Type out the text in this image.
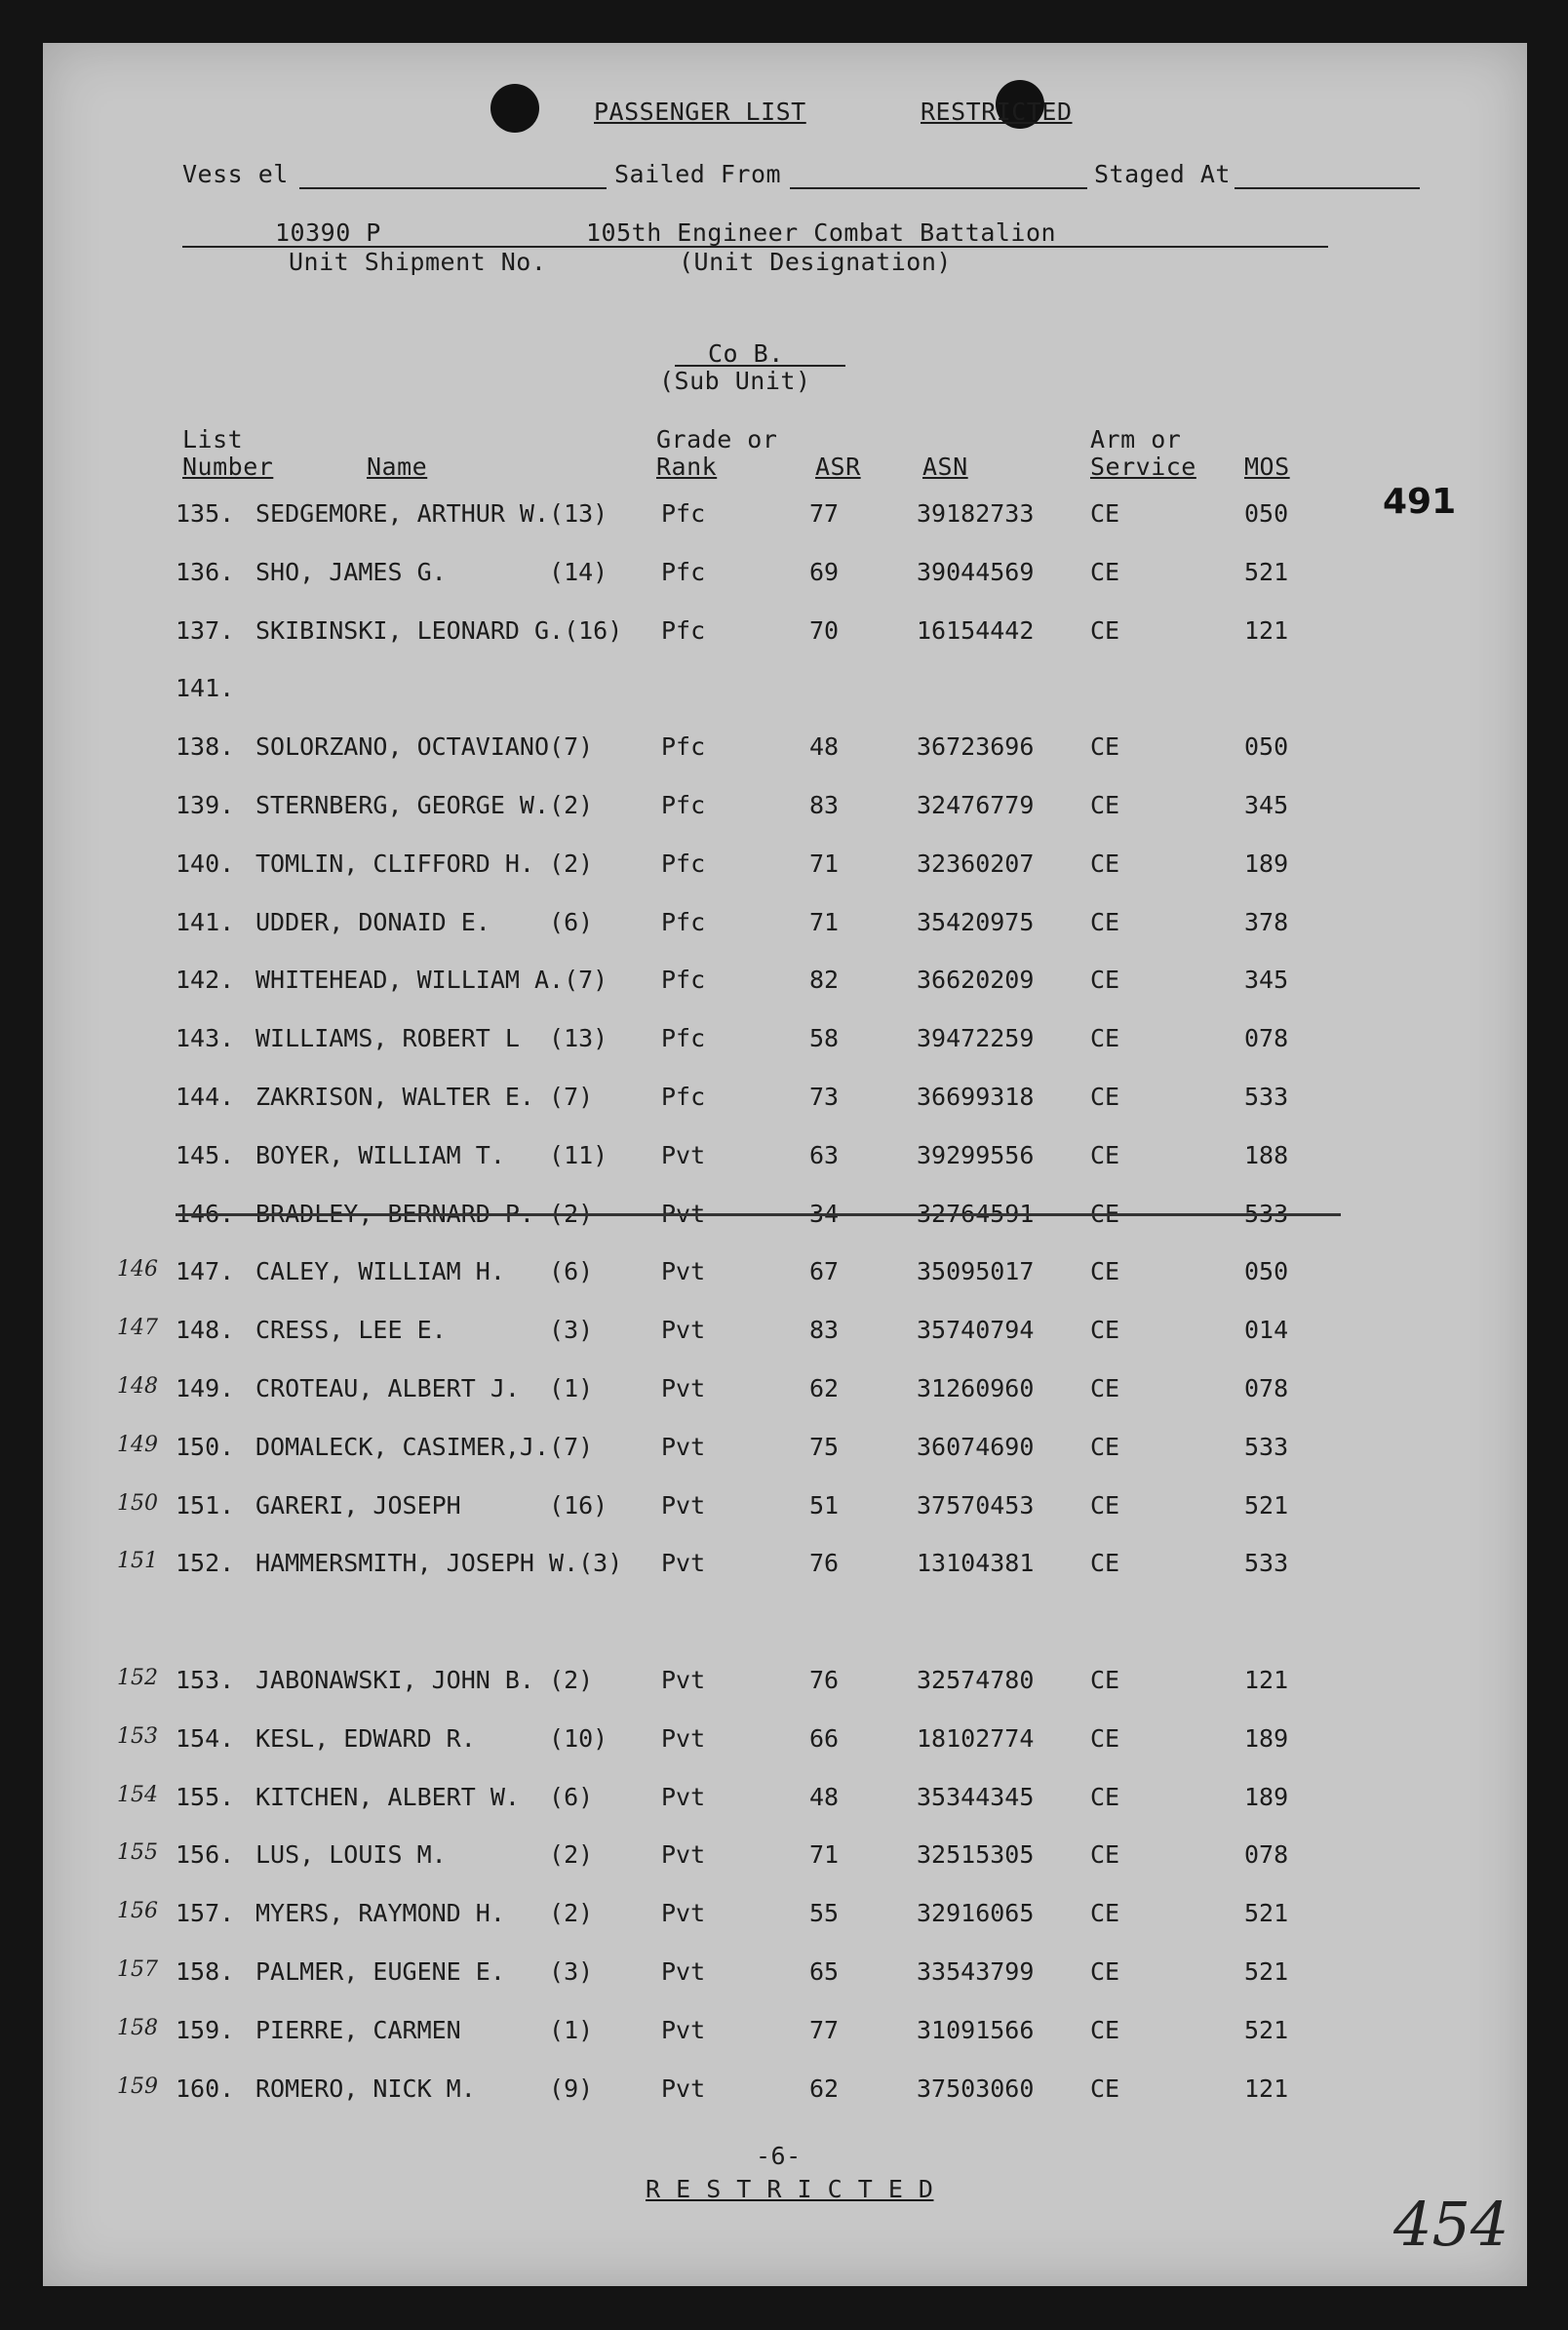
PASSENGER LIST	RESTRICTED
Vess el	Sailed From	Staged At
10390 P	105th Engineer Combat Battalion
Unit Shipment No.	(Unit Designation)
Co B.
(Sub Unit)
491
List
Number	Name
Grade or
Rank	ASR	ASN
Arm or
Service MOS
135. SEDGEMORE, ARTHUR W.(13) Pfc	77	39182733 CE	050
136. SHO, JAMES G.       (14) Pfc	69	39044569 CE	521
137. SKIBINSKI, LEONARD G.(16) Pfc	70	16154442 CE	121
141.
138. SOLORZANO, OCTAVIANO(7)	Pfc	48	36723696 CE	050
139. STERNBERG, GEORGE W.(2)	Pfc	83	32476779 CE	345
140. TOMLIN, CLIFFORD H. (2)	Pfc	71	32360207 CE	189
141. UDDER, DONAID E.    (6)	Pfc	71	35420975 CE	378
142. WHITEHEAD, WILLIAM A.(7) Pfc	82	36620209 CE	345
143. WILLIAMS, ROBERT L  (13) Pfc	58	39472259 CE	078
144. ZAKRISON, WALTER E. (7)	Pfc	73	36699318 CE	533
145. BOYER, WILLIAM T.   (11) Pvt	63	39299556 CE	188
146. BRADLEY, BERNARD P. (2)	Pvt	34	32764591 CE	533
146 147. CALEY, WILLIAM H.   (6)	Pvt	67	35095017 CE	050
147 148. CRESS, LEE E.       (3)	Pvt	83	35740794 CE	014
148 149. CROTEAU, ALBERT J.  (1)	Pvt	62	31260960 CE	078
149 150. DOMALECK, CASIMER,J.(7)	Pvt	75	36074690 CE	533
150 151. GARERI, JOSEPH      (16) Pvt	51	37570453 CE	521
151 152. HAMMERSMITH, JOSEPH W.(3) Pvt	76	13104381 CE	533
152 153. JABONAWSKI, JOHN B. (2)	Pvt	76	32574780 CE	121
153 154. KESL, EDWARD R.     (10) Pvt	66	18102774 CE	189
154 155. KITCHEN, ALBERT W.  (6)	Pvt	48	35344345 CE	189
155 156. LUS, LOUIS M.       (2)	Pvt	71	32515305 CE	078
156 157. MYERS, RAYMOND H.   (2)	Pvt	55	32916065 CE	521
157 158. PALMER, EUGENE E.   (3)	Pvt	65	33543799 CE	521
158 159. PIERRE, CARMEN      (1)	Pvt	77	31091566 CE	521
159 160. ROMERO, NICK M.     (9)	Pvt	62	37503060 CE	121
-6-
R E S T R I C T E D	454
